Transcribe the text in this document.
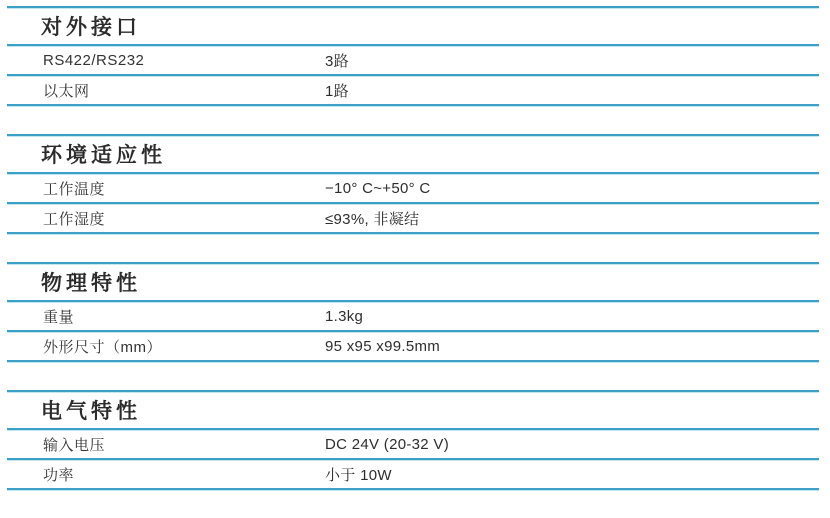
对外接口
RS422/RS232	3路
以太网	1路
环境适应性
工作温度	−10° C~+50° C
工作湿度	≤93%, 非凝结
物理特性
重量	1.3kg
外形尺寸（mm）	95 x95 x99.5mm
电气特性
输入电压	DC 24V (20-32 V)
功率	小于 10W
